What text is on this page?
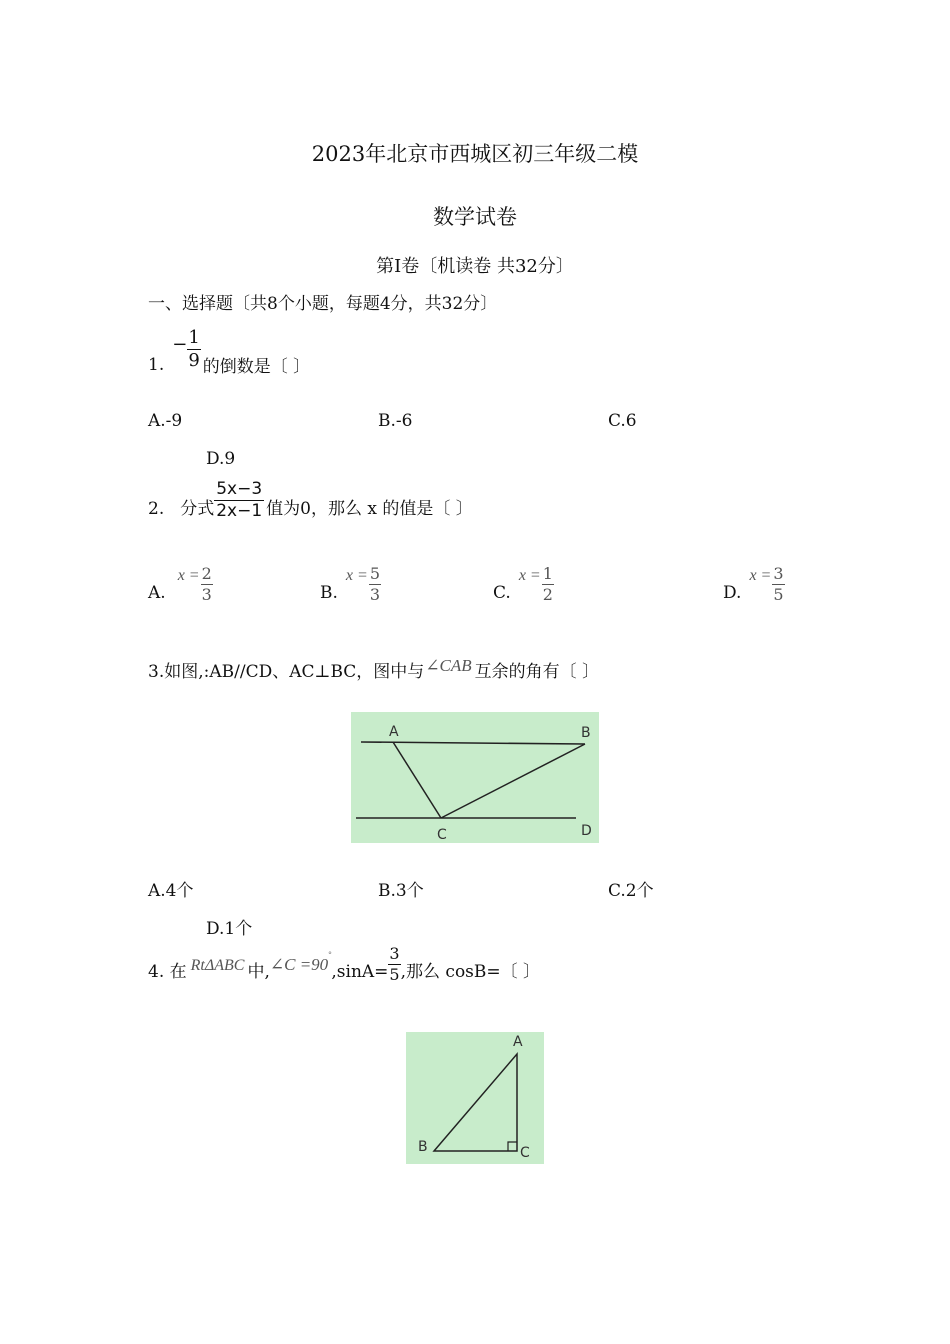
2023年北京市西城区初三年级二模
数学试卷
第I卷〔机读卷 共32分〕
一、选择题〔共8个小题，每题4分，共32分〕
1.
− $\frac{1}{9}$ 的倒数是〔 〕
A.-9	B.-6	C.6
D.9
2. 分式 $\frac{5x-3}{2x-1}$ 值为0，那么 x 的值是〔 〕
A.
$x = \frac{2}{3}$	B.
$x = \frac{5}{3}$	C.
$x = \frac{1}{2}$	D.
$x = \frac{3}{5}$
3.如图,:AB//CD、AC⊥BC，图中与 ∠CAB 互余的角有〔 〕
A	B
C	D
A.4个	B.3个	C.2个
D.1个
4. 在 RtΔABC 中, ∠C =90
°
$,\sin A= \frac{3}{5}$ ,那么 cosB=〔 〕
A
B	C
